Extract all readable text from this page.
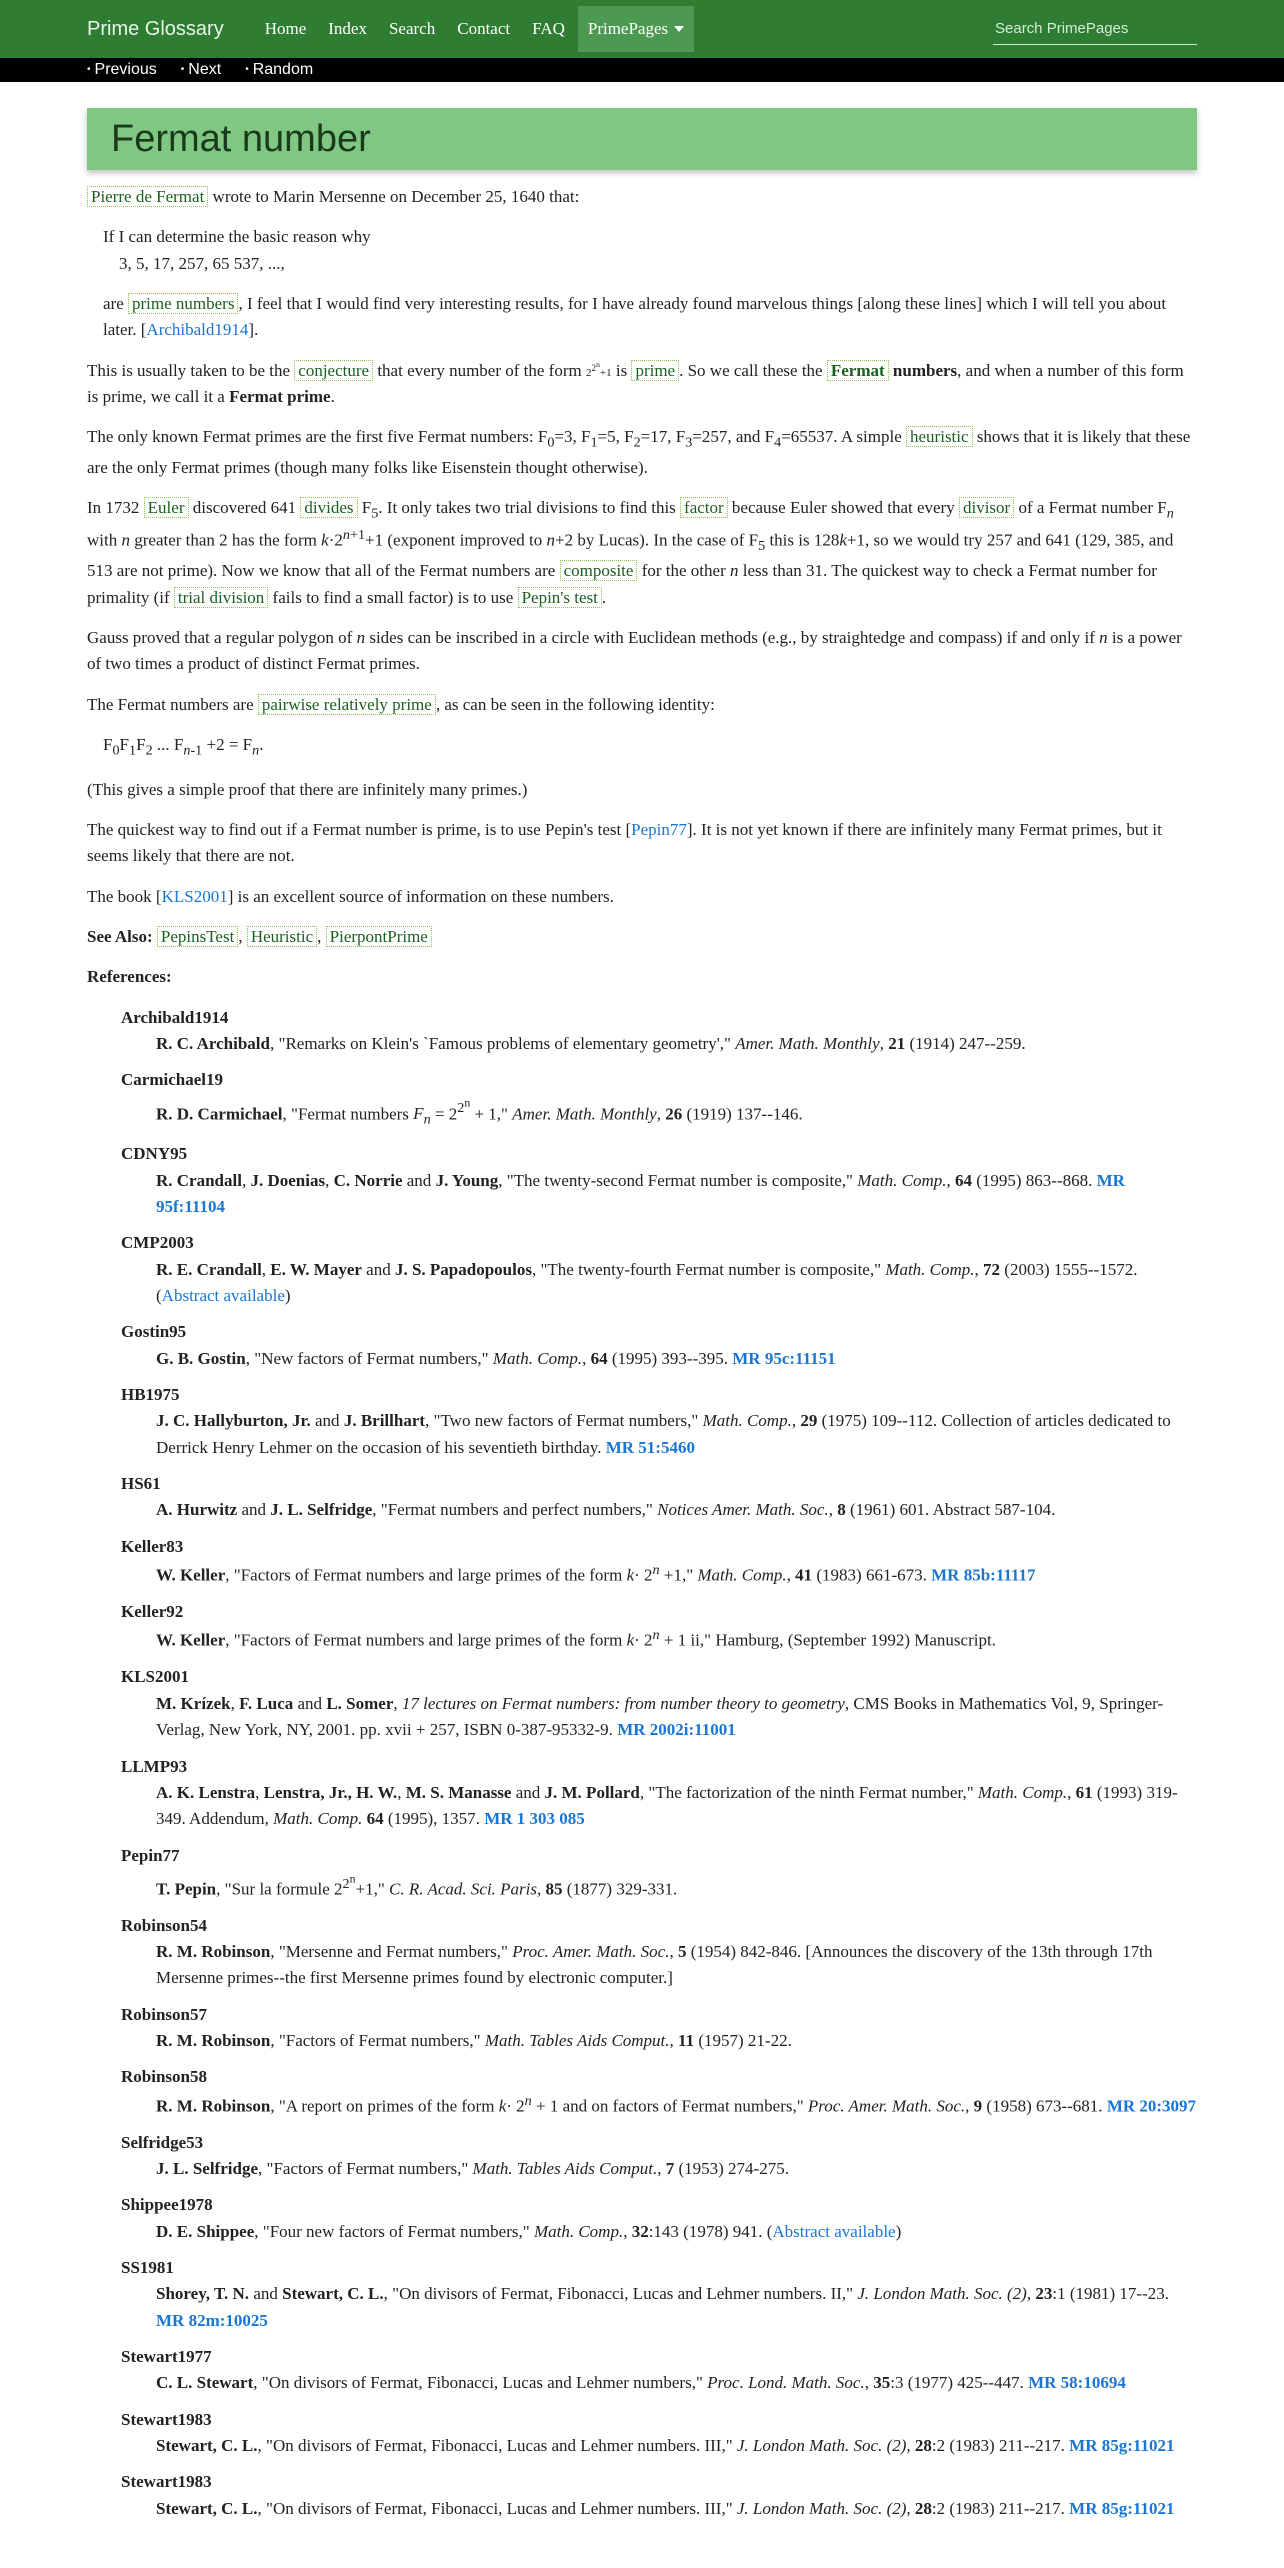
Prime Glossary	Home	Index	Search	Contact	FAQ	PrimePages	Search PrimePages
• Previous • Next • Random
Fermat number

Pierre de Fermat wrote to Marin Mersenne on December 25, 1640 that:

If I can determine the basic reason why
3, 5, 17, 257, 65 537, ...,

are prime numbers , I feel that I would find very interesting results, for I have already found marvelous things [along these lines] which I will tell you about later. [Archibald1914].

This is usually taken to be the conjecture that every number of the form $2^{2^n}+1$ is prime . So we call these the Fermat numbers, and when a number of this form is prime, we call it a Fermat prime.

The only known Fermat primes are the first five Fermat numbers: $F_0=3$, $F_1=5$, $F_2=17$, $F_3=257$, and $F_4=65537$. A simple heuristic shows that it is likely that these are the only Fermat primes (though many folks like Eisenstein thought otherwise).

In 1732 Euler discovered 641 divides $F_5$. It only takes two trial divisions to find this factor because Euler showed that every divisor of a Fermat number $F_n$ with n greater than 2 has the form $k\cdot 2^{n+1}+1$ (exponent improved to n+2 by Lucas). In the case of $F_5$ this is 128k+1, so we would try 257 and 641 (129, 385, and 513 are not prime). Now we know that all of the Fermat numbers are composite for the other n less than 31. The quickest way to check a Fermat number for primality (if trial division fails to find a small factor) is to use Pepin's test .

Gauss proved that a regular polygon of n sides can be inscribed in a circle with Euclidean methods (e.g., by straightedge and compass) if and only if n is a power of two times a product of distinct Fermat primes.

The Fermat numbers are pairwise relatively prime , as can be seen in the following identity:

$F_0F_1F_2$ ... $F_{n-1} +2 = F_n$.

(This gives a simple proof that there are infinitely many primes.)

The quickest way to find out if a Fermat number is prime, is to use Pepin's test [Pepin77]. It is not yet known if there are infinitely many Fermat primes, but it seems likely that there are not.

The book [KLS2001] is an excellent source of information on these numbers.

See Also: PepinsTest , Heuristic , PierpontPrime

References:

Archibald1914
R. C. Archibald, "Remarks on Klein's `Famous problems of elementary geometry'," Amer. Math. Monthly, 21 (1914) 247--259.
Carmichael19
R. D. Carmichael, "Fermat numbers $F_n = 2^{2^n} + 1$," Amer. Math. Monthly, 26 (1919) 137--146.
CDNY95
R. Crandall, J. Doenias, C. Norrie and J. Young, "The twenty-second Fermat number is composite," Math. Comp., 64 (1995) 863--868. MR 95f:11104
CMP2003
R. E. Crandall, E. W. Mayer and J. S. Papadopoulos, "The twenty-fourth Fermat number is composite," Math. Comp., 72 (2003) 1555--1572. (Abstract available)
Gostin95
G. B. Gostin, "New factors of Fermat numbers," Math. Comp., 64 (1995) 393--395. MR 95c:11151
HB1975
J. C. Hallyburton, Jr. and J. Brillhart, "Two new factors of Fermat numbers," Math. Comp., 29 (1975) 109--112. Collection of articles dedicated to Derrick Henry Lehmer on the occasion of his seventieth birthday. MR 51:5460
HS61
A. Hurwitz and J. L. Selfridge, "Fermat numbers and perfect numbers," Notices Amer. Math. Soc., 8 (1961) 601. Abstract 587-104.
Keller83
W. Keller, "Factors of Fermat numbers and large primes of the form $k\cdot 2^n +1$," Math. Comp., 41 (1983) 661-673. MR 85b:11117
Keller92
W. Keller, "Factors of Fermat numbers and large primes of the form $k\cdot 2^n + 1$ ii," Hamburg, (September 1992) Manuscript.
KLS2001
M. Krízek, F. Luca and L. Somer, 17 lectures on Fermat numbers: from number theory to geometry, CMS Books in Mathematics Vol, 9, Springer-Verlag, New York, NY, 2001. pp. xvii + 257, ISBN 0-387-95332-9. MR 2002i:11001
LLMP93
A. K. Lenstra, Lenstra, Jr., H. W., M. S. Manasse and J. M. Pollard, "The factorization of the ninth Fermat number," Math. Comp., 61 (1993) 319-349. Addendum, Math. Comp. 64 (1995), 1357. MR 1 303 085
Pepin77
T. Pepin, "Sur la formule $2^{2^n}+1$," C. R. Acad. Sci. Paris, 85 (1877) 329-331.
Robinson54
R. M. Robinson, "Mersenne and Fermat numbers," Proc. Amer. Math. Soc., 5 (1954) 842-846. [Announces the discovery of the 13th through 17th Mersenne primes--the first Mersenne primes found by electronic computer.]
Robinson57
R. M. Robinson, "Factors of Fermat numbers," Math. Tables Aids Comput., 11 (1957) 21-22.
Robinson58
R. M. Robinson, "A report on primes of the form $k\cdot 2^n + 1$ and on factors of Fermat numbers," Proc. Amer. Math. Soc., 9 (1958) 673--681. MR 20:3097
Selfridge53
J. L. Selfridge, "Factors of Fermat numbers," Math. Tables Aids Comput., 7 (1953) 274-275.
Shippee1978
D. E. Shippee, "Four new factors of Fermat numbers," Math. Comp., 32:143 (1978) 941. (Abstract available)
SS1981
Shorey, T. N. and Stewart, C. L., "On divisors of Fermat, Fibonacci, Lucas and Lehmer numbers. II," J. London Math. Soc. (2), 23:1 (1981) 17--23. MR 82m:10025
Stewart1977
C. L. Stewart, "On divisors of Fermat, Fibonacci, Lucas and Lehmer numbers," Proc. Lond. Math. Soc., 35:3 (1977) 425--447. MR 58:10694
Stewart1983
Stewart, C. L., "On divisors of Fermat, Fibonacci, Lucas and Lehmer numbers. III," J. London Math. Soc. (2), 28:2 (1983) 211--217. MR 85g:11021
Stewart1983
Stewart, C. L., "On divisors of Fermat, Fibonacci, Lucas and Lehmer numbers. III," J. London Math. Soc. (2), 28:2 (1983) 211--217. MR 85g:11021
